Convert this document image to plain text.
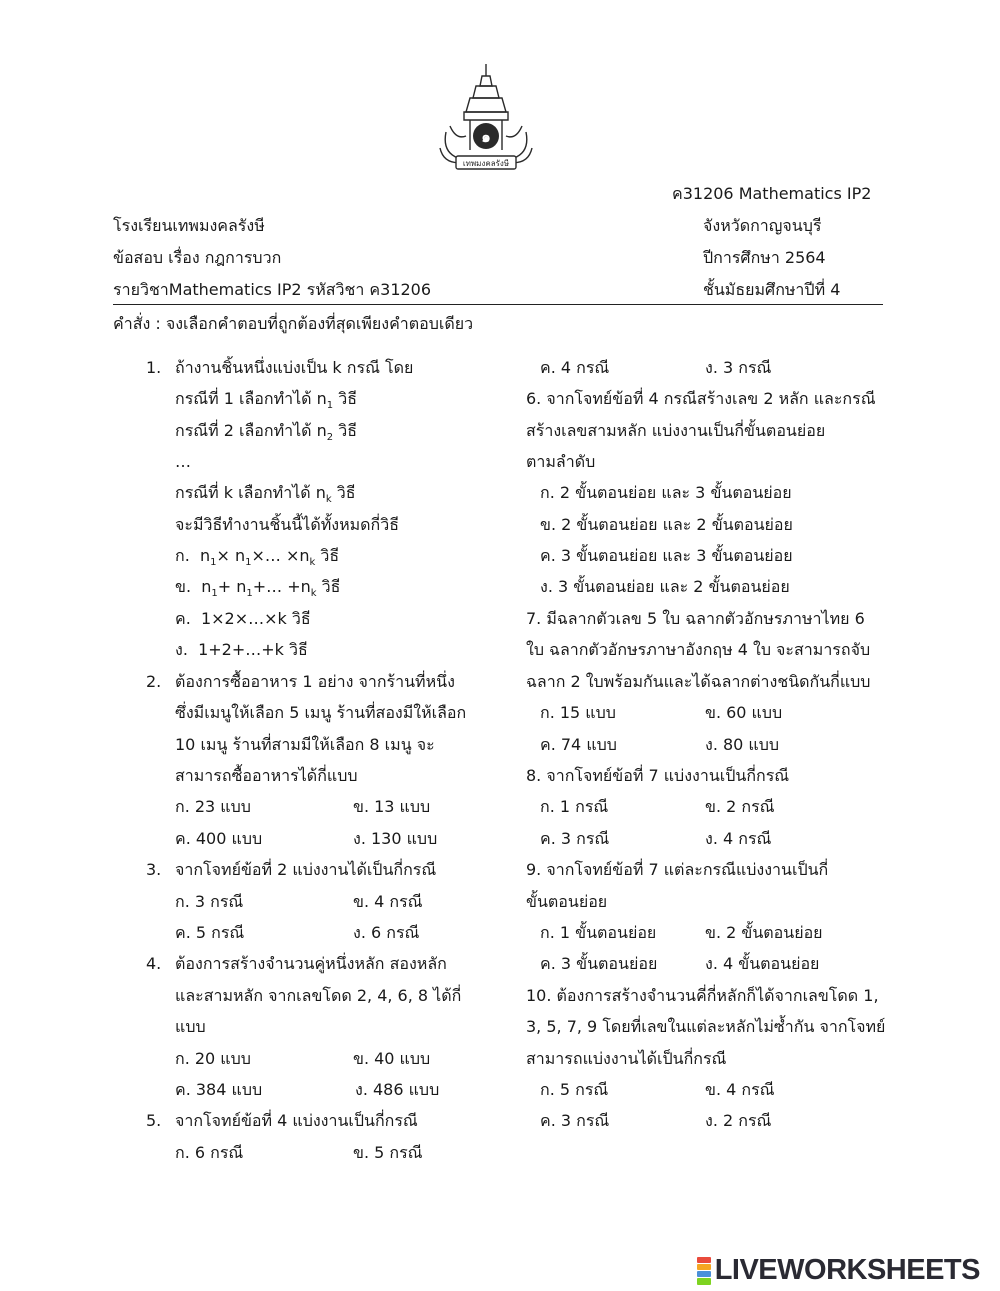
๑
เทพมงคลรังษี
ค31206 Mathematics IP2
โรงเรียนเทพมงคลรังษี	จังหวัดกาญจนบุรี
ข้อสอบ เรื่อง กฎการบวก	ปีการศึกษา 2564
รายวิชาMathematics IP2 รหัสวิชา ค31206	ชั้นมัธยมศึกษาปีที่ 4
คำสั่ง : จงเลือกคำตอบที่ถูกต้องที่สุดเพียงคำตอบเดียว
1. ถ้างานชิ้นหนึ่งแบ่งเป็น k กรณี โดย
กรณีที่ 1 เลือกทำได้ $n_1$ วิธี
กรณีที่ 2 เลือกทำได้ $n_2$ วิธี
…
กรณีที่ k เลือกทำได้ $n_k$ วิธี
จะมีวิธีทำงานชิ้นนี้ได้ทั้งหมดกี่วิธี
ก. $n_1\times$ $n_1\times\dots \times n_k$ วิธี
ข. $n_1+$ $n_1+\dots +n_k$ วิธี
ค. 1×2×…×k วิธี
ง. 1+2+…+k วิธี
2. ต้องการซื้ออาหาร 1 อย่าง จากร้านที่หนึ่ง
ซึ่งมีเมนูให้เลือก 5 เมนู ร้านที่สองมีให้เลือก
10 เมนู ร้านที่สามมีให้เลือก 8 เมนู จะ
สามารถซื้ออาหารได้กี่แบบ
ก. 23 แบบ	ข. 13 แบบ
ค. 400 แบบ	ง. 130 แบบ
3. จากโจทย์ข้อที่ 2 แบ่งงานได้เป็นกี่กรณี
ก. 3 กรณี	ข. 4 กรณี
ค. 5 กรณี	ง. 6 กรณี
4. ต้องการสร้างจำนวนคู่หนึ่งหลัก สองหลัก
และสามหลัก จากเลขโดด 2, 4, 6, 8 ได้กี่
แบบ
ก. 20 แบบ	ข. 40 แบบ
ค. 384 แบบ	ง. 486 แบบ
5. จากโจทย์ข้อที่ 4 แบ่งงานเป็นกี่กรณี
ก. 6 กรณี	ข. 5 กรณี
ค. 4 กรณี	ง. 3 กรณี
6. จากโจทย์ข้อที่ 4 กรณีสร้างเลข 2 หลัก และกรณี
สร้างเลขสามหลัก แบ่งงานเป็นกี่ขั้นตอนย่อย
ตามลำดับ
ก. 2 ขั้นตอนย่อย และ 3 ขั้นตอนย่อย
ข. 2 ขั้นตอนย่อย และ 2 ขั้นตอนย่อย
ค. 3 ขั้นตอนย่อย และ 3 ขั้นตอนย่อย
ง. 3 ขั้นตอนย่อย และ 2 ขั้นตอนย่อย
7. มีฉลากตัวเลข 5 ใบ ฉลากตัวอักษรภาษาไทย 6
ใบ ฉลากตัวอักษรภาษาอังกฤษ 4 ใบ จะสามารถจับ
ฉลาก 2 ใบพร้อมกันและได้ฉลากต่างชนิดกันกี่แบบ
ก. 15 แบบ	ข. 60 แบบ
ค. 74 แบบ	ง. 80 แบบ
8. จากโจทย์ข้อที่ 7 แบ่งงานเป็นกี่กรณี
ก. 1 กรณี	ข. 2 กรณี
ค. 3 กรณี	ง. 4 กรณี
9. จากโจทย์ข้อที่ 7 แต่ละกรณีแบ่งงานเป็นกี่
ขั้นตอนย่อย
ก. 1 ขั้นตอนย่อย	ข. 2 ขั้นตอนย่อย
ค. 3 ขั้นตอนย่อย	ง. 4 ขั้นตอนย่อย
10. ต้องการสร้างจำนวนคี่กี่หลักก็ได้จากเลขโดด 1,
3, 5, 7, 9 โดยที่เลขในแต่ละหลักไม่ซ้ำกัน จากโจทย์
สามารถแบ่งงานได้เป็นกี่กรณี
ก. 5 กรณี	ข. 4 กรณี
ค. 3 กรณี	ง. 2 กรณี
LIVEWORKSHEETS
